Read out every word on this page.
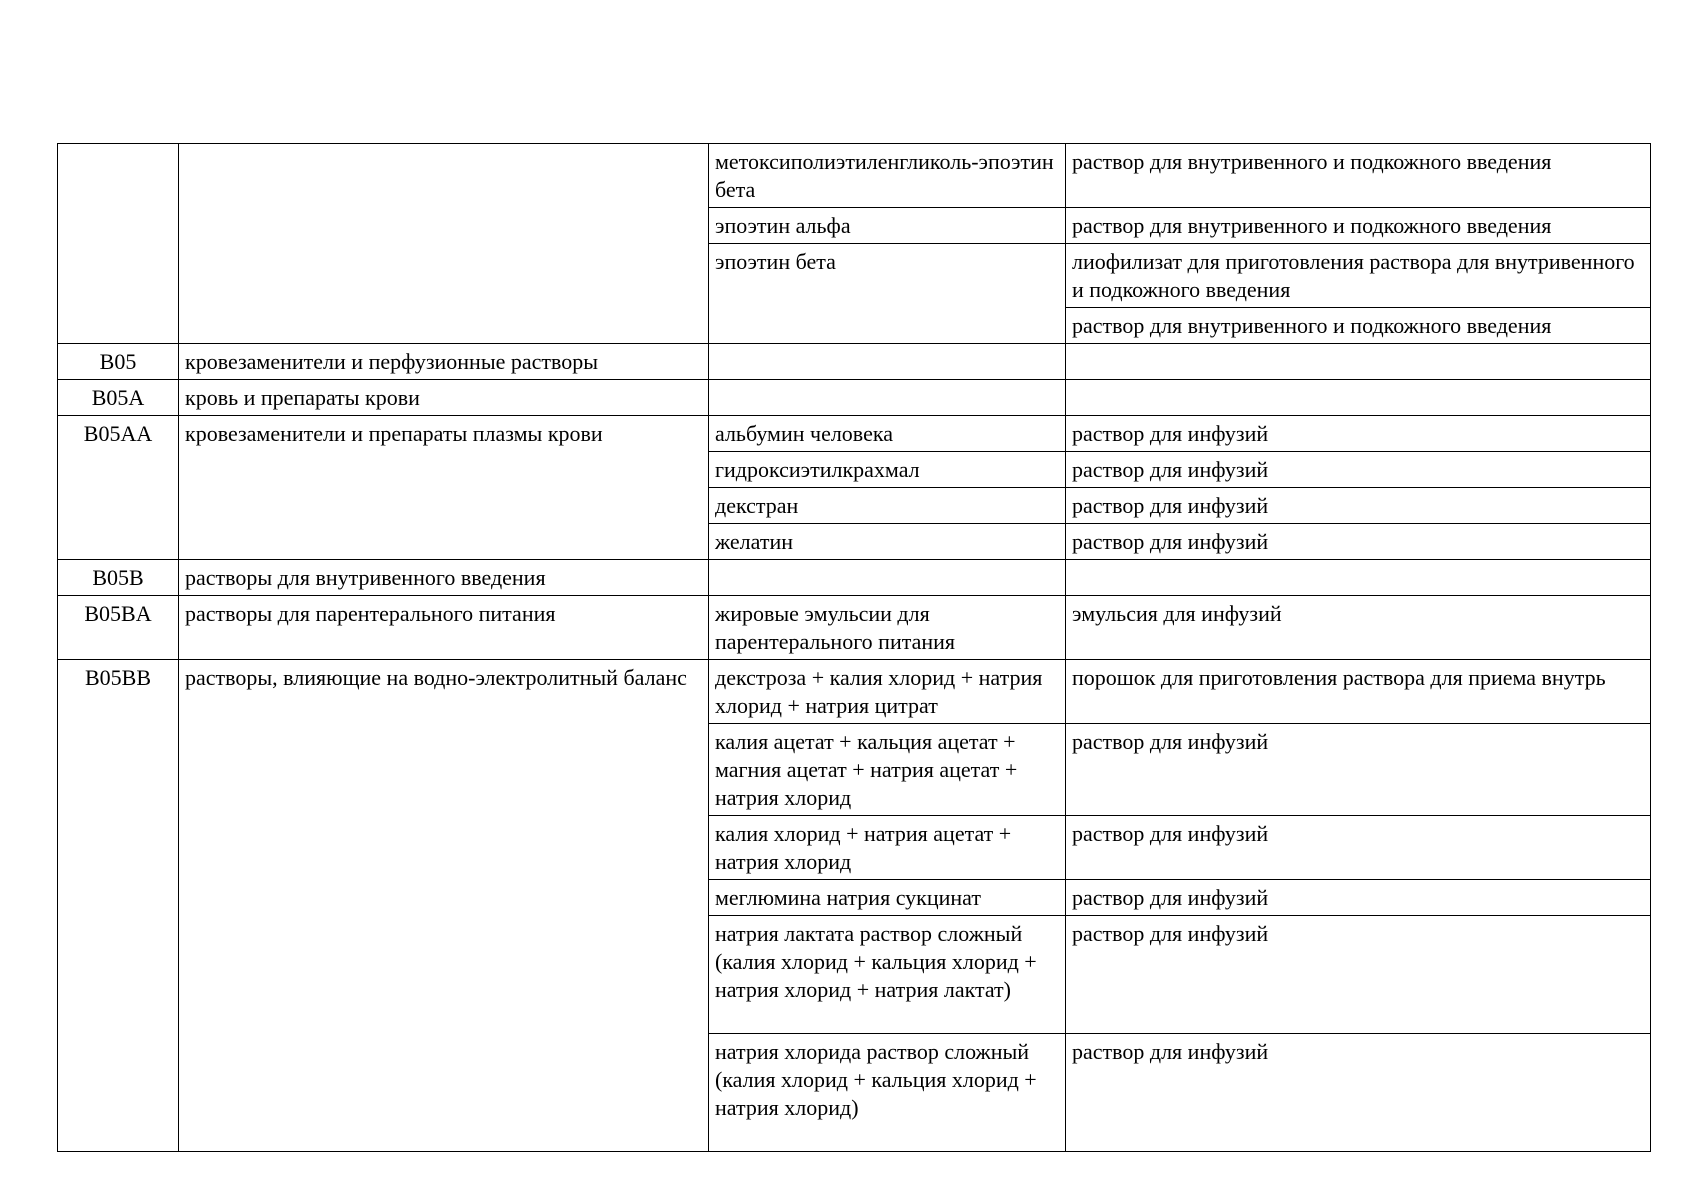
		метоксиполиэтиленгликоль-эпоэтин бета	раствор для внутривенного и подкожного введения
		эпоэтин альфа	раствор для внутривенного и подкожного введения
		эпоэтин бета	лиофилизат для приготовления раствора для внутривенного и подкожного введения
			раствор для внутривенного и подкожного введения
B05	кровезаменители и перфузионные растворы		
B05A	кровь и препараты крови		
B05AA	кровезаменители и препараты плазмы крови	альбумин человека	раствор для инфузий
		гидроксиэтилкрахмал	раствор для инфузий
		декстран	раствор для инфузий
		желатин	раствор для инфузий
B05B	растворы для внутривенного введения		
B05BA	растворы для парентерального питания	жировые эмульсии для парентерального питания	эмульсия для инфузий
B05BB	растворы, влияющие на водно-электролитный баланс	декстроза + калия хлорид + натрия хлорид + натрия цитрат	порошок для приготовления раствора для приема внутрь
		калия ацетат + кальция ацетат + магния ацетат + натрия ацетат + натрия хлорид	раствор для инфузий
		калия хлорид + натрия ацетат + натрия хлорид	раствор для инфузий
		меглюмина натрия сукцинат	раствор для инфузий
		натрия лактата раствор сложный (калия хлорид + кальция хлорид + натрия хлорид + натрия лактат)	раствор для инфузий
		натрия хлорида раствор сложный (калия хлорид + кальция хлорид + натрия хлорид)	раствор для инфузий
